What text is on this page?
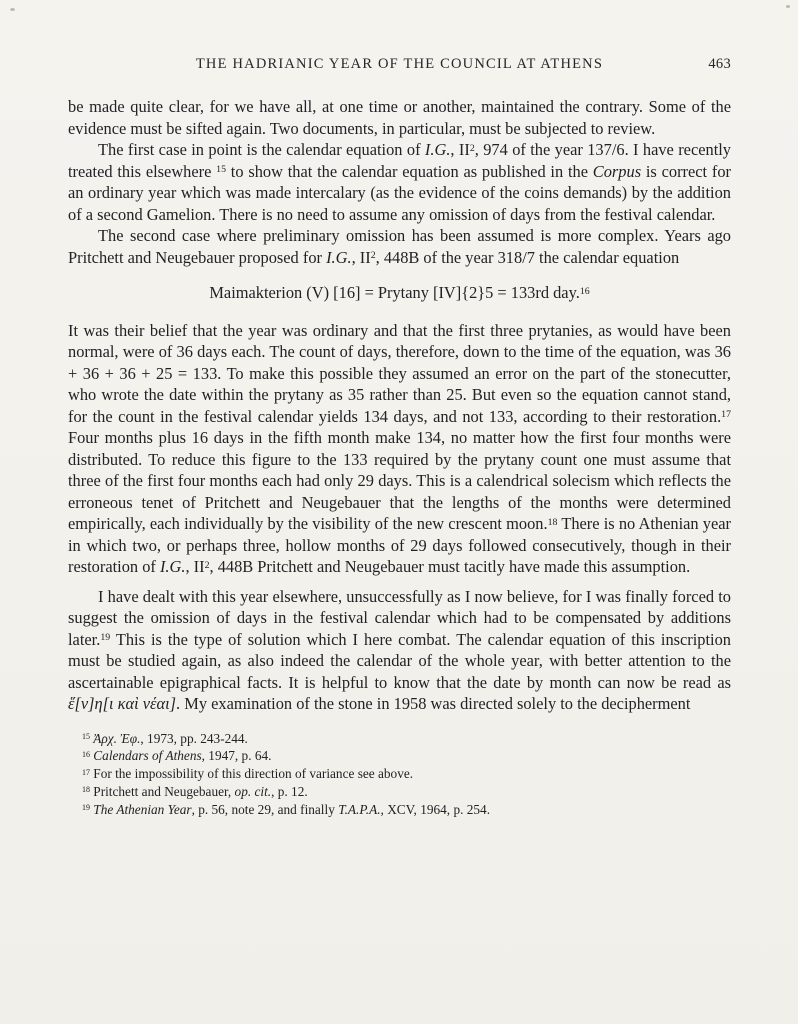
THE HADRIANIC YEAR OF THE COUNCIL AT ATHENS	463

be made quite clear, for we have all, at one time or another, maintained the contrary. Some of the evidence must be sifted again. Two documents, in particular, must be subjected to review.

The first case in point is the calendar equation of I.G., $II^2$, 974 of the year 137/6. I have recently treated this elsewhere $^{15}$ to show that the calendar equation as published in the Corpus is correct for an ordinary year which was made intercalary (as the evidence of the coins demands) by the addition of a second Gamelion. There is no need to assume any omission of days from the festival calendar.

The second case where preliminary omission has been assumed is more complex. Years ago Pritchett and Neugebauer proposed for I.G., $II^2$, 448B of the year 318/7 the calendar equation

Maimakterion (V) [16] = Prytany [IV]{2}5 = 133rd day.$^{16}$

It was their belief that the year was ordinary and that the first three prytanies, as would have been normal, were of 36 days each. The count of days, therefore, down to the time of the equation, was 36 + 36 + 36 + 25 = 133. To make this possible they assumed an error on the part of the stonecutter, who wrote the date within the prytany as 35 rather than 25. But even so the equation cannot stand, for the count in the festival calendar yields 134 days, and not 133, according to their restoration.$^{17}$ Four months plus 16 days in the fifth month make 134, no matter how the first four months were distributed. To reduce this figure to the 133 required by the prytany count one must assume that three of the first four months each had only 29 days. This is a calendrical solecism which reflects the erroneous tenet of Pritchett and Neugebauer that the lengths of the months were determined empirically, each individually by the visibility of the new crescent moon.$^{18}$ There is no Athenian year in which two, or perhaps three, hollow months of 29 days followed consecutively, though in their restoration of I.G., $II^2$, 448B Pritchett and Neugebauer must tacitly have made this assumption.

I have dealt with this year elsewhere, unsuccessfully as I now believe, for I was finally forced to suggest the omission of days in the festival calendar which had to be compensated by additions later.$^{19}$ This is the type of solution which I here combat. The calendar equation of this inscription must be studied again, as also indeed the calendar of the whole year, with better attention to the ascertainable epigraphical facts. It is helpful to know that the date by month can now be read as ἕ[ν]η[ι καὶ νέαι]. My examination of the stone in 1958 was directed solely to the decipherment

$^{15}$ Ἀρχ. Ἐφ., 1973, pp. 243-244.

$^{16}$ Calendars of Athens, 1947, p. 64.

$^{17}$ For the impossibility of this direction of variance see above.

$^{18}$ Pritchett and Neugebauer, op. cit., p. 12.

$^{19}$ The Athenian Year, p. 56, note 29, and finally T.A.P.A., XCV, 1964, p. 254.
